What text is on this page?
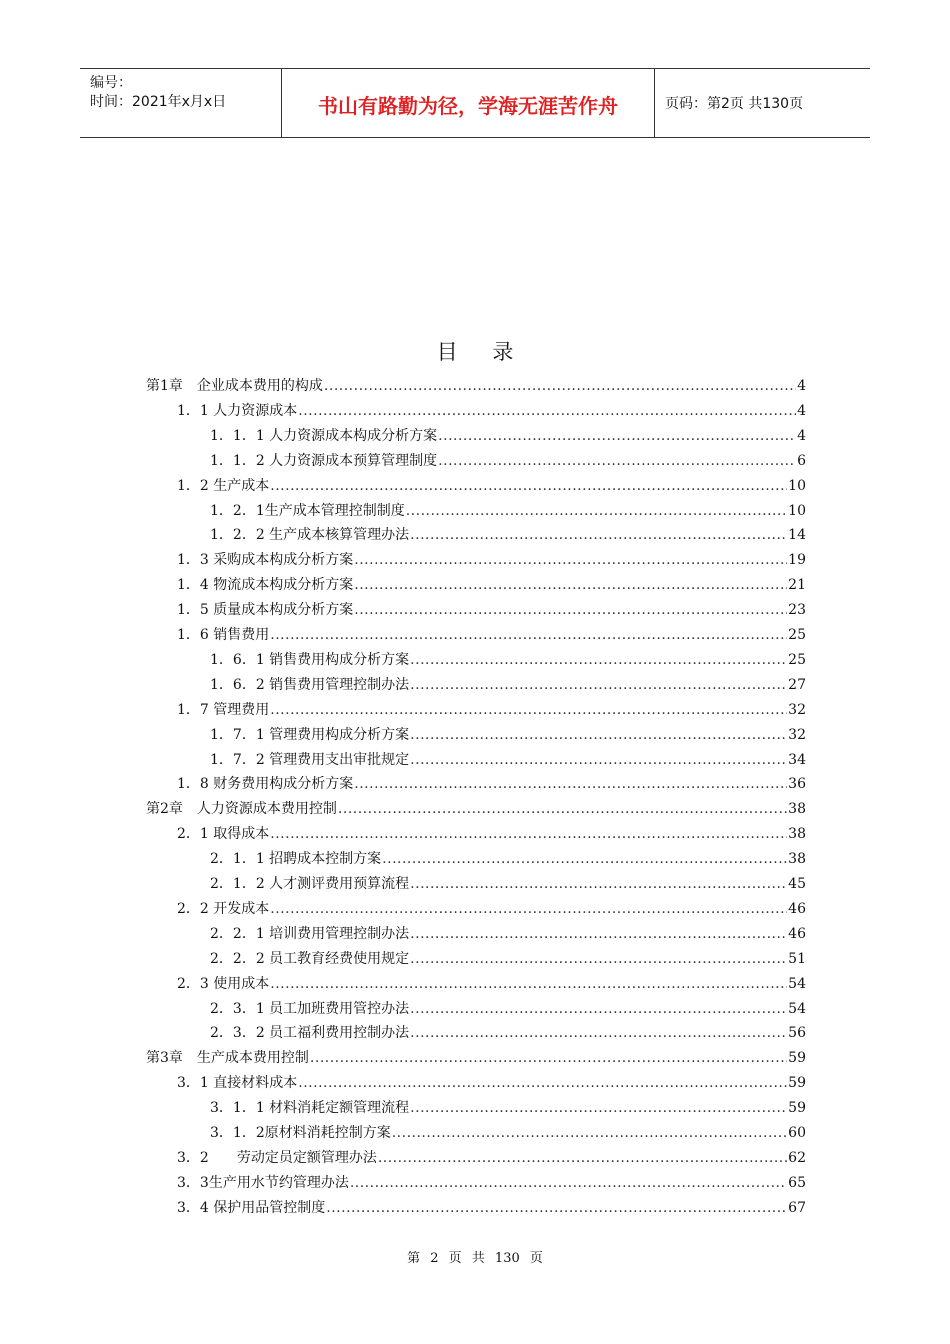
编号：
时间：2021年x月x日	书山有路勤为径，学海无涯苦作舟	页码：第2页 共130页
目 录
第1章　企业成本费用的构成 .....	4
1．1 人力资源成本 .....	4
1．1．1 人力资源成本构成分析方案 .....	4
1．1．2 人力资源成本预算管理制度 .....	6
1．2 生产成本 .....	10
1．2．1生产成本管理控制制度 .....	10
1．2．2 生产成本核算管理办法 .....	14
1．3 采购成本构成分析方案 .....	19
1．4 物流成本构成分析方案 .....	21
1．5 质量成本构成分析方案 .....	23
1．6 销售费用 .....	25
1．6．1 销售费用构成分析方案 .....	25
1．6．2 销售费用管理控制办法 .....	27
1．7 管理费用 .....	32
1．7．1 管理费用构成分析方案 .....	32
1．7．2 管理费用支出审批规定 .....	34
1．8 财务费用构成分析方案 .....	36
第2章　人力资源成本费用控制 .....	38
2．1 取得成本 .....	38
2．1．1 招聘成本控制方案 .....	38
2．1．2 人才测评费用预算流程 .....	45
2．2 开发成本 .....	46
2．2．1 培训费用管理控制办法 .....	46
2．2．2 员工教育经费使用规定 .....	51
2．3 使用成本 .....	54
2．3．1 员工加班费用管控办法 .....	54
2．3．2 员工福利费用控制办法 .....	56
第3章　生产成本费用控制 .....	59
3．1 直接材料成本 .....	59
3．1．1 材料消耗定额管理流程 .....	59
3．1．2原材料消耗控制方案 .....	60
3．2　　劳动定员定额管理办法 .....	62
3．3生产用水节约管理办法 .....	65
3．4 保护用品管控制度 .....	67
第 2 页 共 130 页
